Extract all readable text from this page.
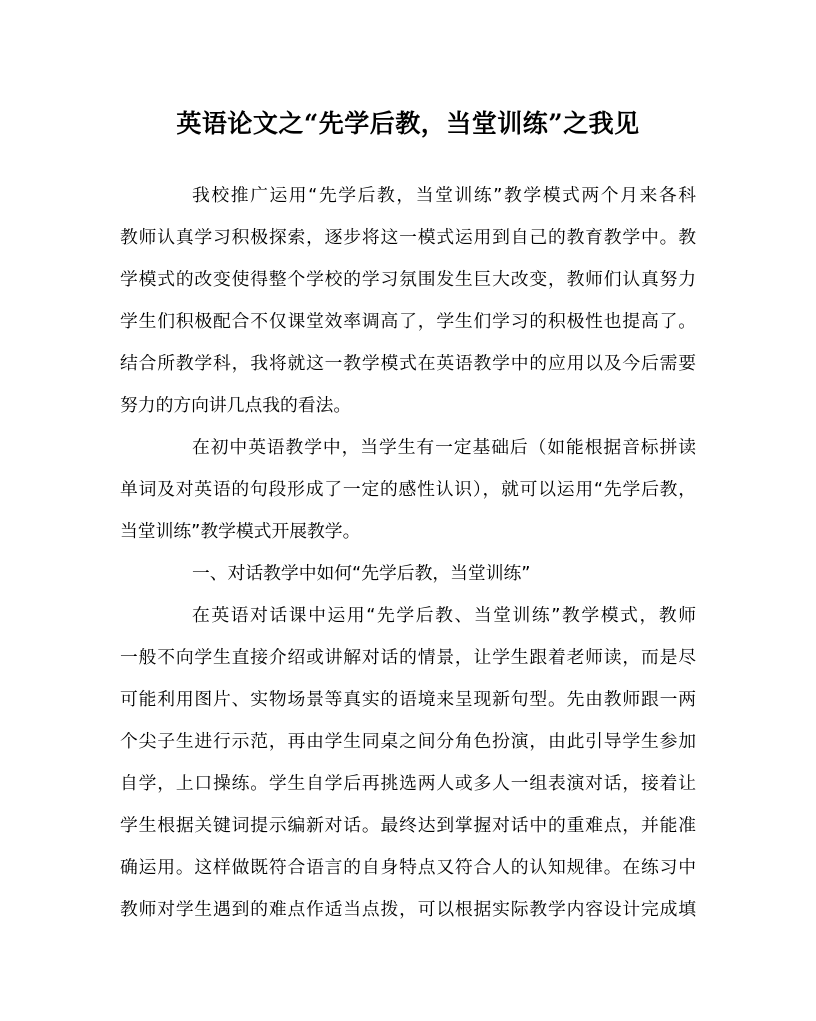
英语论文之“先学后教，当堂训练”之我见
我校推广运用“先学后教，当堂训练”教学模式两个月来各科
教师认真学习积极探索，逐步将这一模式运用到自己的教育教学中。教
学模式的改变使得整个学校的学习氛围发生巨大改变，教师们认真努力
学生们积极配合不仅课堂效率调高了，学生们学习的积极性也提高了。
结合所教学科，我将就这一教学模式在英语教学中的应用以及今后需要
努力的方向讲几点我的看法。
在初中英语教学中，当学生有一定基础后（如能根据音标拼读
单词及对英语的句段形成了一定的感性认识），就可以运用“先学后教，
当堂训练”教学模式开展教学。
一、对话教学中如何“先学后教，当堂训练”
在英语对话课中运用“先学后教、当堂训练”教学模式，教师
一般不向学生直接介绍或讲解对话的情景，让学生跟着老师读，而是尽
可能利用图片、实物场景等真实的语境来呈现新句型。先由教师跟一两
个尖子生进行示范，再由学生同桌之间分角色扮演，由此引导学生参加
自学，上口操练。学生自学后再挑选两人或多人一组表演对话，接着让
学生根据关键词提示编新对话。最终达到掌握对话中的重难点，并能准
确运用。这样做既符合语言的自身特点又符合人的认知规律。在练习中
教师对学生遇到的难点作适当点拨，可以根据实际教学内容设计完成填
